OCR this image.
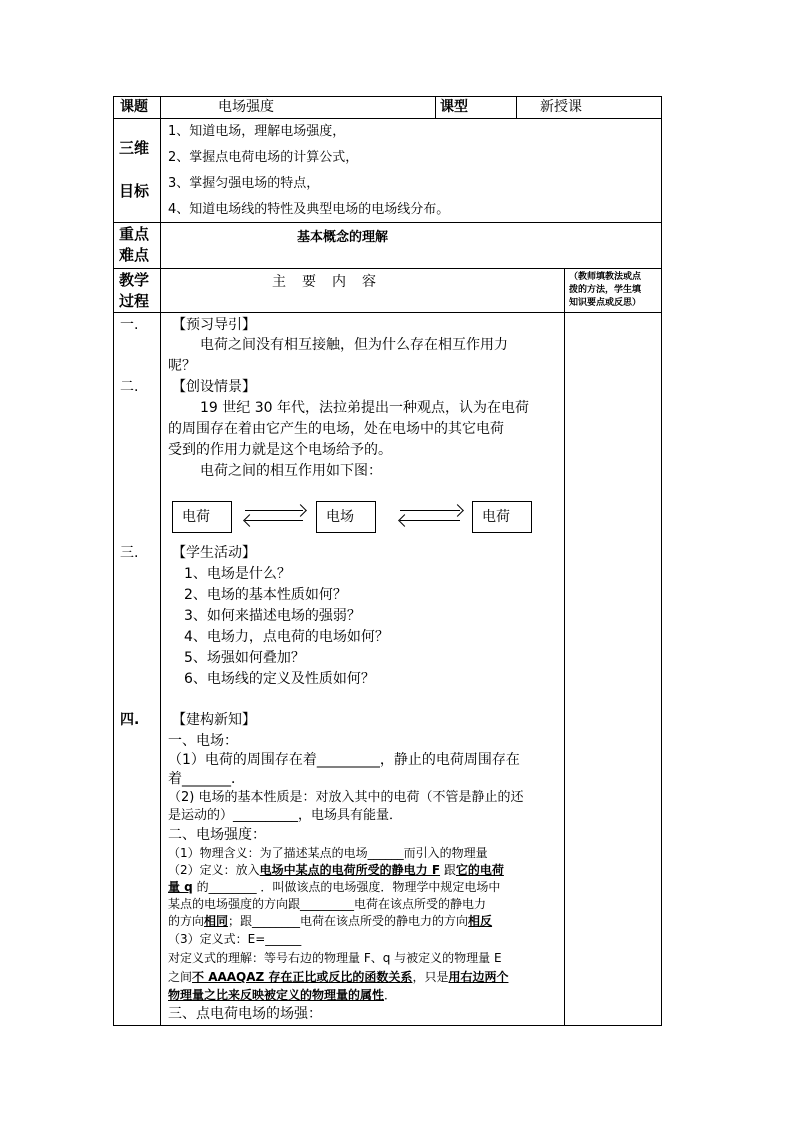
课题	电场强度	课型	新授课
三维
目标
1、知道电场，理解电场强度，
2、掌握点电荷电场的计算公式，
3、掌握匀强电场的特点，
4、知道电场线的特性及典型电场的电场线分布。
重点
难点
基本概念的理解
教学
过程
主　要　内　容	（教师填教法或点
拨的方法，学生填
知识要点或反思）
一. 【预习导引】
电荷之间没有相互接触，但为什么存在相互作用力
呢？
二. 【创设情景】
19 世纪 30 年代，法拉弟提出一种观点，认为在电荷
的周围存在着由它产生的电场，处在电场中的其它电荷
受到的作用力就是这个电场给予的。
电荷之间的相互作用如下图：
电荷	电场	电荷
三. 【学生活动】
1、电场是什么？
2、电场的基本性质如何？
3、如何来描述电场的强弱？
4、电场力，点电荷的电场如何？
5、场强如何叠加？
6、电场线的定义及性质如何？
四. 【建构新知】
一、电场：
（1）电荷的周围存在着_________，静止的电荷周围存在
着_______．
（2) 电场的基本性质是：对放入其中的电荷（不管是静止的还
是运动的）__________，电场具有能量．
二、电场强度：
（1）物理含义：为了描述某点的电场______而引入的物理量
（2）定义：放入电场中某点的电荷所受的静电力 F 跟它的电荷
量 q 的________ ．叫做该点的电场强度．物理学中规定电场中
某点的电场强度的方向跟_________电荷在该点所受的静电力
的方向相同；跟________电荷在该点所受的静电力的方向相反
（3）定义式：E=______
对定义式的理解：等号右边的物理量 F、q 与被定义的物理量 E
之间不 AAAQAZ 存在正比或反比的函数关系，只是用右边两个
物理量之比来反映被定义的物理量的属性．
三、点电荷电场的场强：
